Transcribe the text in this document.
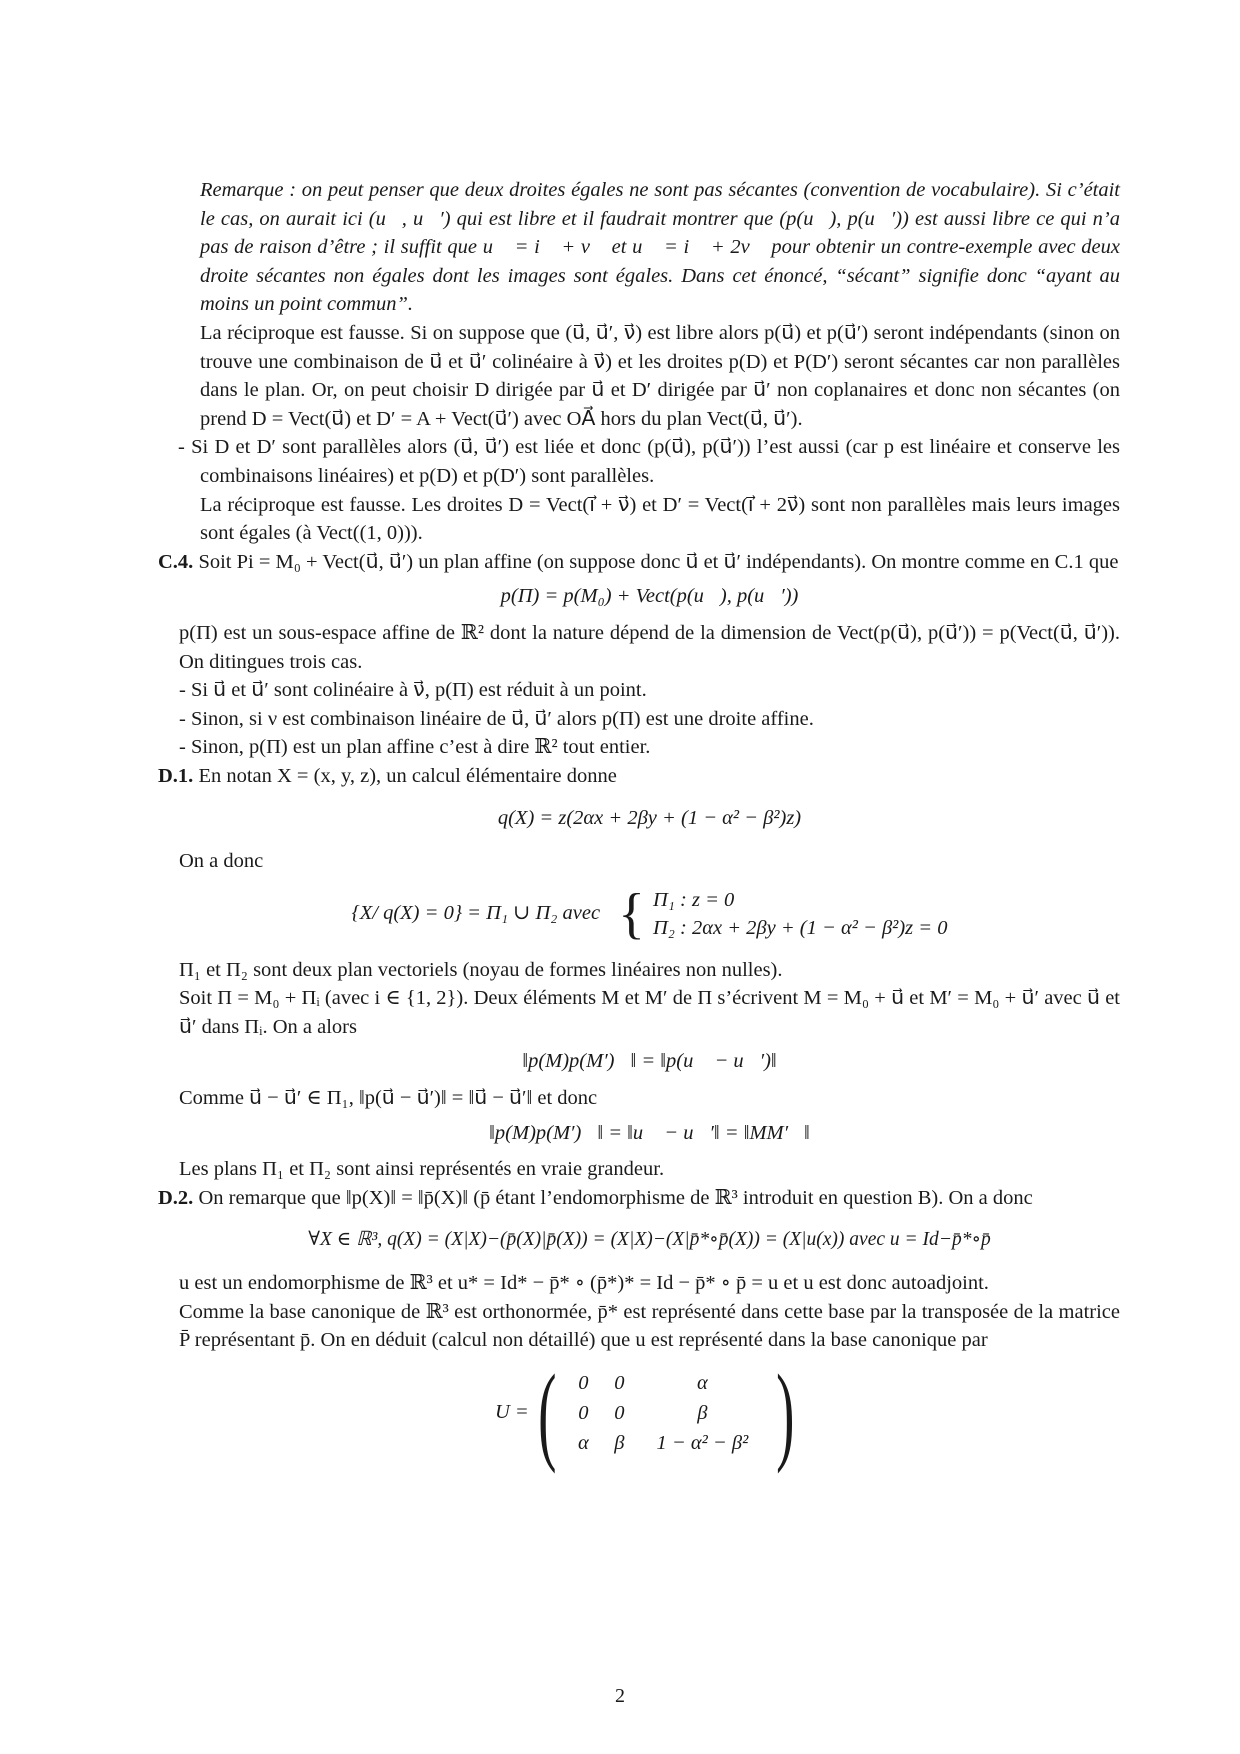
Remarque : on peut penser que deux droites égales ne sont pas sécantes (convention de vocabulaire). Si c’était le cas, on aurait ici (u⃗, u⃗′) qui est libre et il faudrait montrer que (p(u⃗), p(u⃗′)) est aussi libre ce qui n’a pas de raison d’être ; il suffit que u⃗ = i⃗ + ν⃗ et u⃗ = i⃗ + 2ν⃗ pour obtenir un contre-exemple avec deux droite sécantes non égales dont les images sont égales. Dans cet énoncé, “sécant” signifie donc “ayant au moins un point commun”.

La réciproque est fausse. Si on suppose que (u⃗, u⃗′, ν⃗) est libre alors p(u⃗) et p(u⃗′) seront indépendants (sinon on trouve une combinaison de u⃗ et u⃗′ colinéaire à ν⃗) et les droites p(D) et P(D′) seront sécantes car non parallèles dans le plan. Or, on peut choisir D dirigée par u⃗ et D′ dirigée par u⃗′ non coplanaires et donc non sécantes (on prend D = Vect(u⃗) et D′ = A + Vect(u⃗′) avec OA⃗ hors du plan Vect(u⃗, u⃗′).

- Si D et D′ sont parallèles alors (u⃗, u⃗′) est liée et donc (p(u⃗), p(u⃗′)) l’est aussi (car p est linéaire et conserve les combinaisons linéaires) et p(D) et p(D′) sont parallèles.

La réciproque est fausse. Les droites D = Vect(i⃗ + ν⃗) et D′ = Vect(i⃗ + 2ν⃗) sont non parallèles mais leurs images sont égales (à Vect((1, 0))).

C.4. Soit Pi = M₀ + Vect(u⃗, u⃗′) un plan affine (on suppose donc u⃗ et u⃗′ indépendants). On montre comme en C.1 que

p(Π) = p(M₀) + Vect(p(u⃗), p(u⃗′))

p(Π) est un sous-espace affine de ℝ² dont la nature dépend de la dimension de Vect(p(u⃗), p(u⃗′)) = p(Vect(u⃗, u⃗′)). On ditingues trois cas.

- Si u⃗ et u⃗′ sont colinéaire à ν⃗, p(Π) est réduit à un point.

- Sinon, si ν est combinaison linéaire de u⃗, u⃗′ alors p(Π) est une droite affine.

- Sinon, p(Π) est un plan affine c’est à dire ℝ² tout entier.

D.1. En notan X = (x, y, z), un calcul élémentaire donne

q(X) = z(2αx + 2βy + (1 − α² − β²)z)

On a donc

{X/ q(X) = 0} = Π₁ ∪ Π₂ avec { Π₁ : z = 0
Π₂ : 2αx + 2βy + (1 − α² − β²)z = 0

Π₁ et Π₂ sont deux plan vectoriels (noyau de formes linéaires non nulles).

Soit Π = M₀ + Πᵢ (avec i ∈ {1, 2}). Deux éléments M et M′ de Π s’écrivent M = M₀ + u⃗ et M′ = M₀ + u⃗′ avec u⃗ et u⃗′ dans Πᵢ. On a alors

‖p(M)p(M′)⃗‖ = ‖p(u⃗ − u⃗′)‖

Comme u⃗ − u⃗′ ∈ Π₁, ‖p(u⃗ − u⃗′)‖ = ‖u⃗ − u⃗′‖ et donc

‖p(M)p(M′)⃗‖ = ‖u⃗ − u⃗′‖ = ‖MM′⃗‖

Les plans Π₁ et Π₂ sont ainsi représentés en vraie grandeur.

D.2. On remarque que ‖p(X)‖ = ‖p̄(X)‖ (p̄ étant l’endomorphisme de ℝ³ introduit en question B). On a donc

∀X ∈ ℝ³, q(X) = (X|X)−(p̄(X)|p̄(X)) = (X|X)−(X|p̄*∘p̄(X)) = (X|u(x)) avec u = Id−p̄*∘p̄

u est un endomorphisme de ℝ³ et u* = Id* − p̄* ∘ (p̄*)* = Id − p̄* ∘ p̄ = u et u est donc autoadjoint.

Comme la base canonique de ℝ³ est orthonormée, p̄* est représenté dans cette base par la transposée de la matrice P̄ représentant p̄. On en déduit (calcul non détaillé) que u est représenté dans la base canonique par

U = (	0	0	α
0	0	β
α	β	1 − α² − β² )
2
